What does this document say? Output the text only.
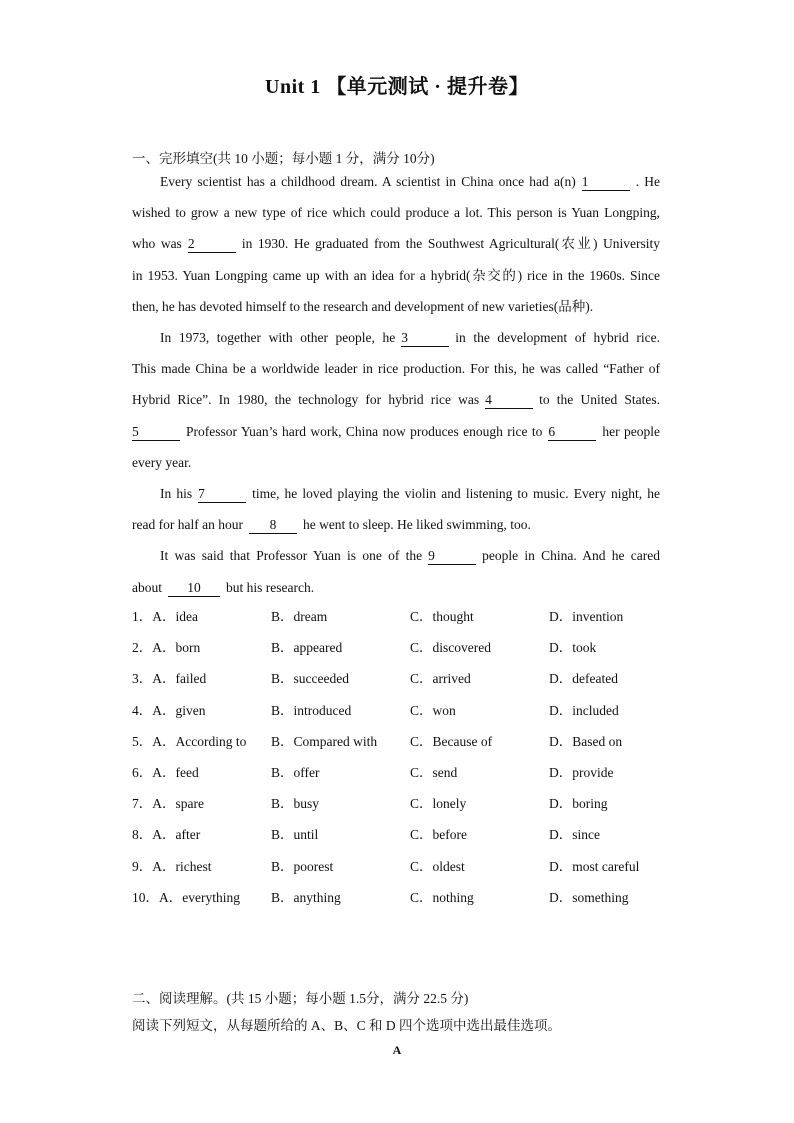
Unit 1 【单元测试 · 提升卷】
一、完形填空(共 10 小题；每小题 1 分，满分 10分)
Every scientist has a childhood dream. A scientist in China once had a(n) 1	. He
wished to grow a new type of rice which could produce a lot. This person is Yuan Longping,
who was 2	in 1930. He graduated from the Southwest Agricultural(农业) University
in 1953. Yuan Longping came up with an idea for a hybrid(杂交的) rice in the 1960s. Since
then, he has devoted himself to the research and development of new varieties(品种).
In 1973, together with other people, he 3	in the development of hybrid rice.
This made China be a worldwide leader in rice production. For this, he was called “Father of
Hybrid Rice”. In 1980, the technology for hybrid rice was 4	to the United States.
5	Professor Yuan’s hard work, China now produces enough rice to 6	her people
every year.
In his 7	time, he loved playing the violin and listening to music. Every night, he
read for half an hour 8 he went to sleep. He liked swimming, too.
It was said that Professor Yuan is one of the 9	people in China. And he cared
about 10 but his research.
1．A．idea	B．dream	C．thought	D．invention
2．A．born	B．appeared	C．discovered	D．took
3．A．failed	B．succeeded	C．arrived	D．defeated
4．A．given	B．introduced	C．won	D．included
5．A．According to B．Compared with C．Because of	D．Based on
6．A．feed	B．offer	C．send	D．provide
7．A．spare	B．busy	C．lonely	D．boring
8．A．after	B．until	C．before	D．since
9．A．richest	B．poorest	C．oldest	D．most careful
10．A．everything B．anything	C．nothing	D．something
二、阅读理解。(共 15 小题；每小题 1.5分，满分 22.5 分)
阅读下列短文，从每题所给的 A、B、C 和 D 四个选项中选出最佳选项。
A
